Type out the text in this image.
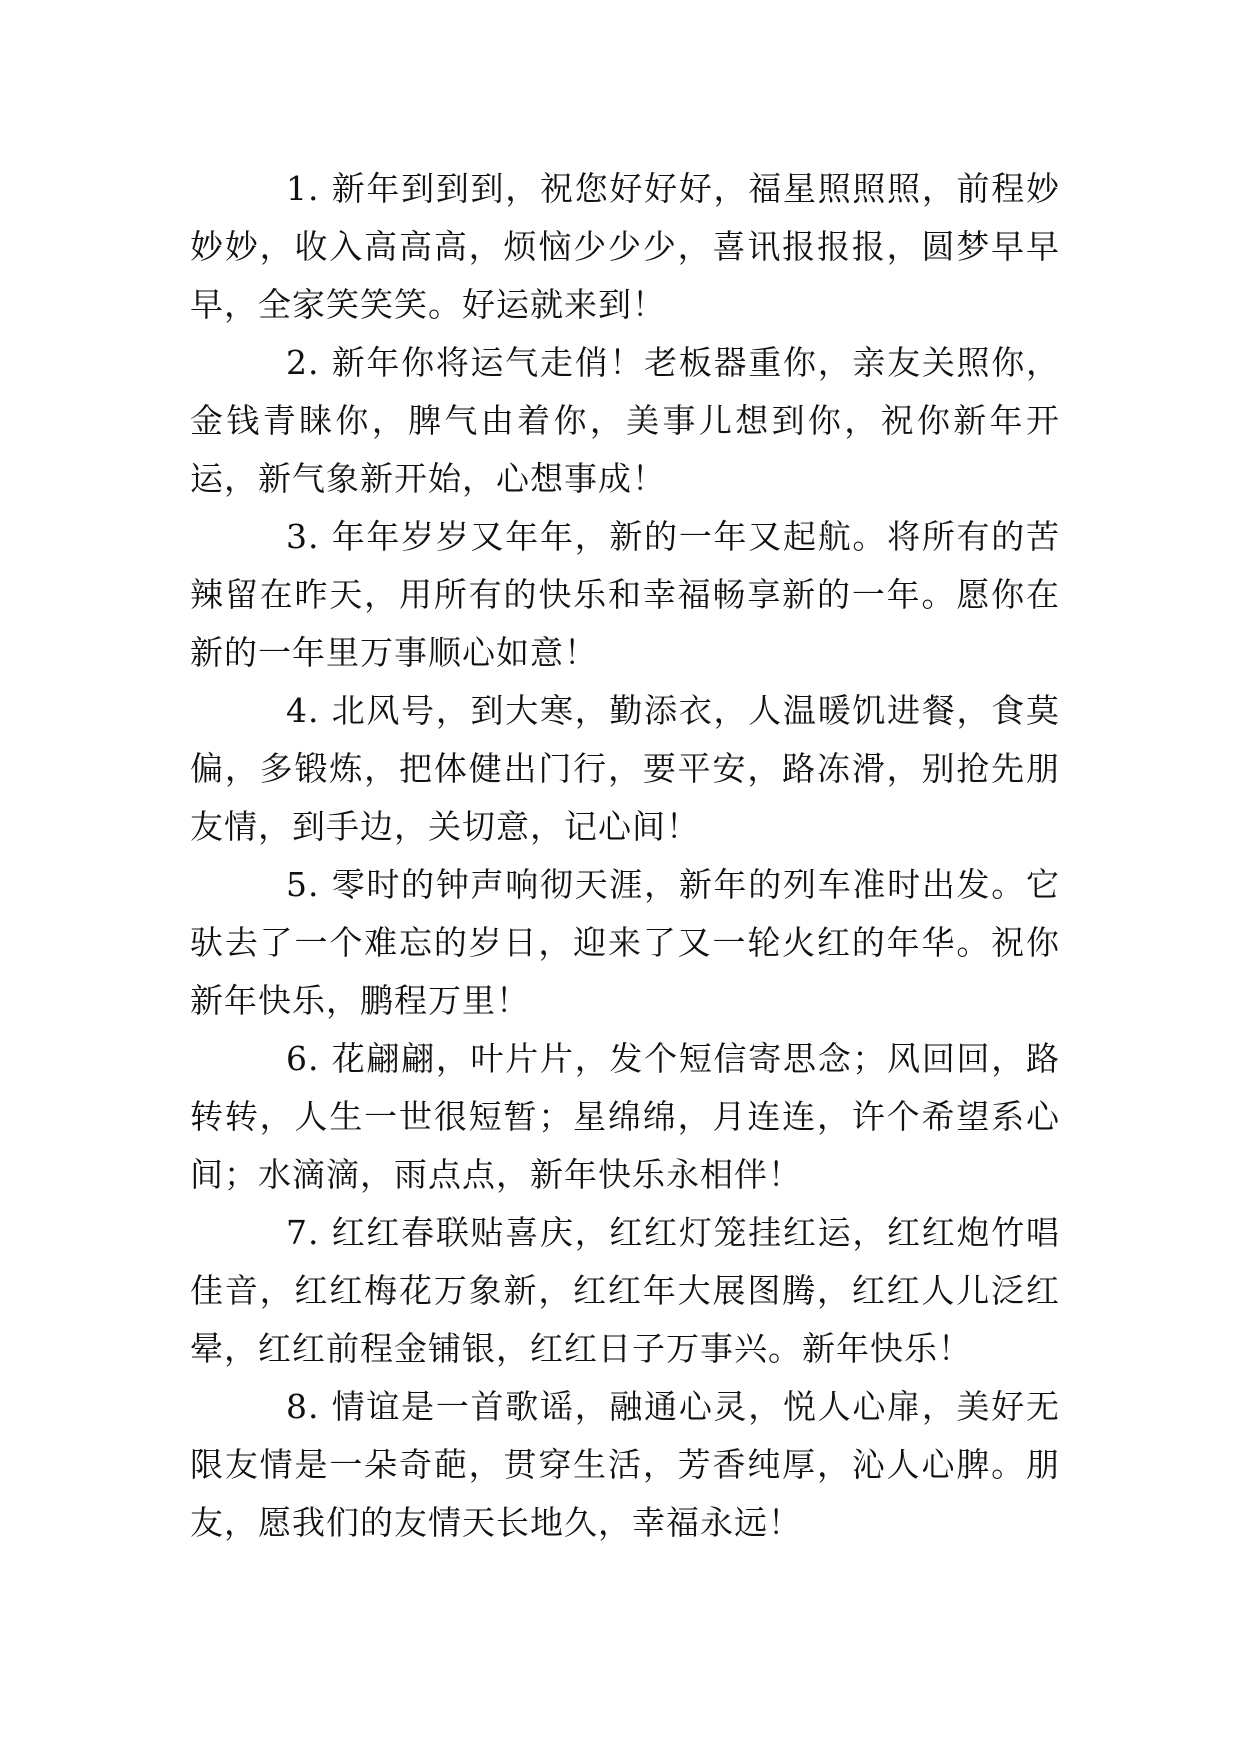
1. 新年到到到，祝您好好好，福星照照照，前程妙妙妙，收入高高高，烦恼少少少，喜讯报报报，圆梦早早早，全家笑笑笑。好运就来到！

2. 新年你将运气走俏！老板器重你，亲友关照你，金钱青睐你，脾气由着你，美事儿想到你，祝你新年开运，新气象新开始，心想事成！

3. 年年岁岁又年年，新的一年又起航。将所有的苦辣留在昨天，用所有的快乐和幸福畅享新的一年。愿你在新的一年里万事顺心如意！

4. 北风号，到大寒，勤添衣，人温暖饥进餐，食莫偏，多锻炼，把体健出门行，要平安，路冻滑，别抢先朋友情，到手边，关切意，记心间！

5. 零时的钟声响彻天涯，新年的列车准时出发。它驮去了一个难忘的岁日，迎来了又一轮火红的年华。祝你新年快乐，鹏程万里！

6. 花翩翩，叶片片，发个短信寄思念；风回回，路转转，人生一世很短暂；星绵绵，月连连，许个希望系心间；水滴滴，雨点点，新年快乐永相伴！

7. 红红春联贴喜庆，红红灯笼挂红运，红红炮竹唱佳音，红红梅花万象新，红红年大展图腾，红红人儿泛红晕，红红前程金铺银，红红日子万事兴。新年快乐！

8. 情谊是一首歌谣，融通心灵，悦人心扉，美好无限友情是一朵奇葩，贯穿生活，芳香纯厚，沁人心脾。朋友，愿我们的友情天长地久，幸福永远！
